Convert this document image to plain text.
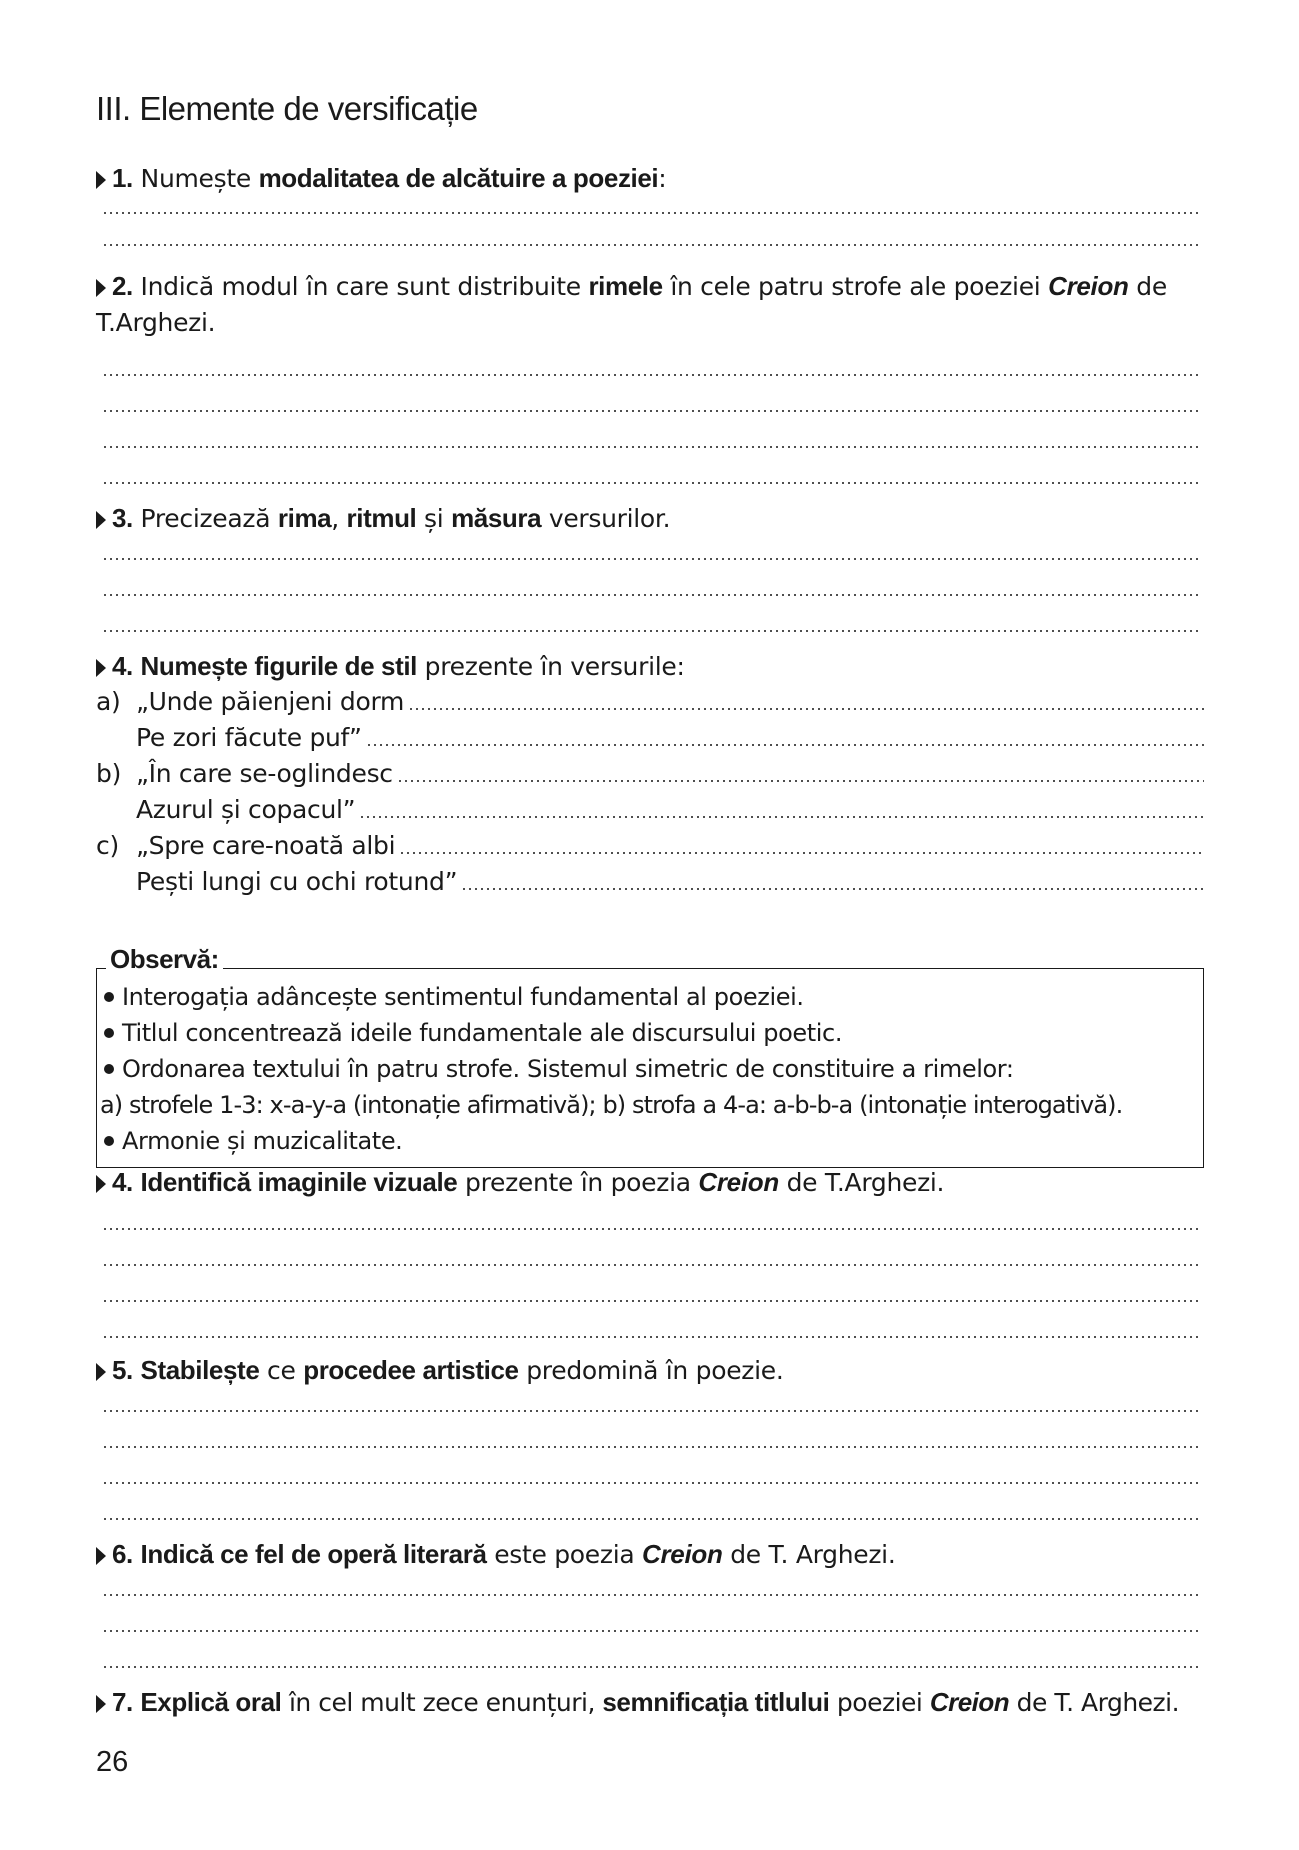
III. Elemente de versificație
1. Numește modalitatea de alcătuire a poeziei:
2. Indică modul în care sunt distribuite rimele în cele patru strofe ale poeziei Creion de
T.Arghezi.
3. Precizează rima, ritmul și măsura versurilor.
4. Numește figurile de stil prezente în versurile:
a) „Unde păienjeni dorm
Pe zori făcute puf”
b) „În care se-oglindesc
Azurul și copacul”
c) „Spre care-noată albi
Pești lungi cu ochi rotund”
Observă:
Interogația adâncește sentimentul fundamental al poeziei.
Titlul concentrează ideile fundamentale ale discursului poetic.
Ordonarea textului în patru strofe. Sistemul simetric de constituire a rimelor:
a) strofele 1-3: x-a-y-a (intonație afirmativă); b) strofa a 4-a: a-b-b-a (intonație interogativă).
Armonie și muzicalitate.
4. Identifică imaginile vizuale prezente în poezia Creion de T.Arghezi.
5. Stabilește ce procedee artistice predomină în poezie.
6. Indică ce fel de operă literară este poezia Creion de T. Arghezi.
7. Explică oral în cel mult zece enunțuri, semnificația titlului poeziei Creion de T. Arghezi.
26
